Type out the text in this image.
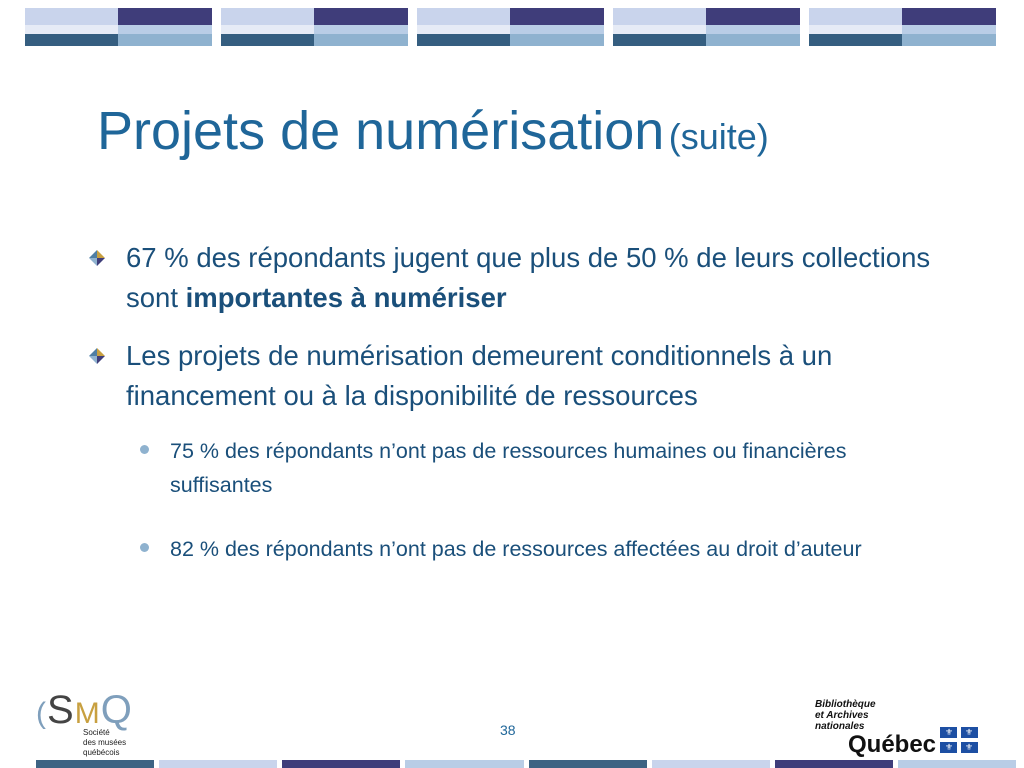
Projets de numérisation (suite)
67 % des répondants jugent que plus de 50 % de leurs collections sont importantes à numériser
Les projets de numérisation demeurent conditionnels à un financement ou à la disponibilité de ressources
75 % des répondants n’ont pas de ressources humaines ou financières suffisantes
82 % des répondants n’ont pas de ressources affectées au droit d’auteur
(SMQ
Société
des musées
québécois
38
Bibliothèque
et Archives
nationales
Québec ⚜ ⚜
⚜ ⚜
